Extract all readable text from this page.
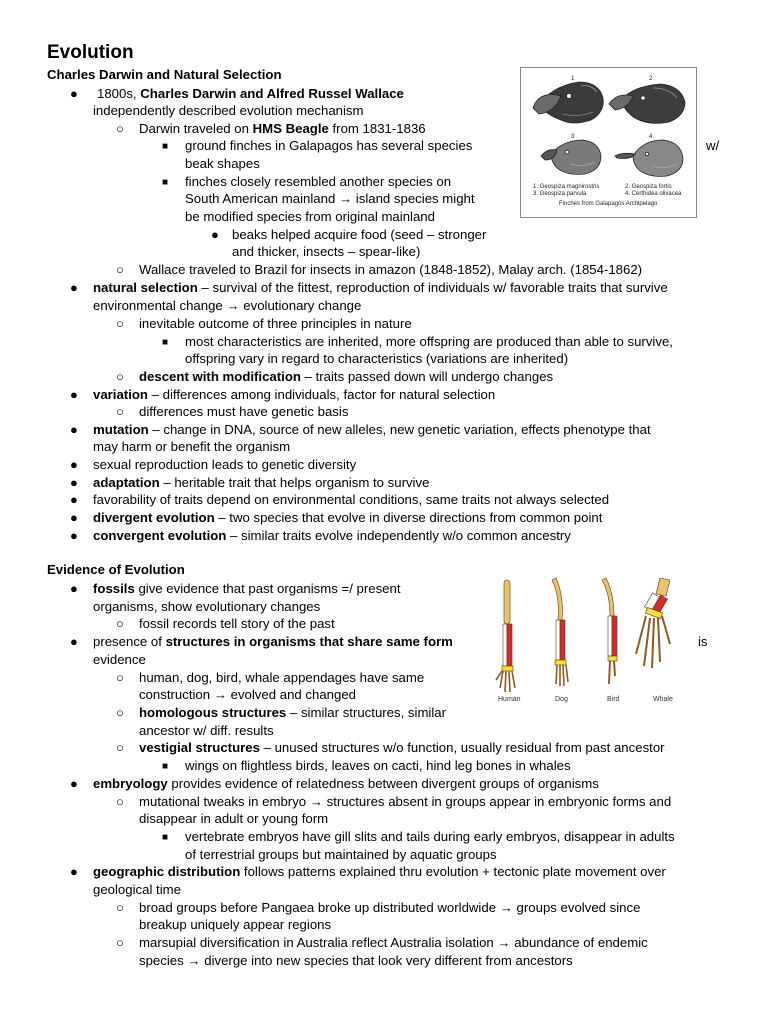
Evolution
Charles Darwin and Natural Selection
● 1800s, Charles Darwin and Alfred Russel Wallace
independently described evolution mechanism
○ Darwin traveled on HMS Beagle from 1831-1836
■ ground finches in Galapagos has several species	w/
beak shapes
■ finches closely resembled another species on
South American mainland → island species might
be modified species from original mainland
● beaks helped acquire food (seed – stronger
and thicker, insects – spear-like)
○ Wallace traveled to Brazil for insects in amazon (1848-1852), Malay arch. (1854-1862)
● natural selection – survival of the fittest, reproduction of individuals w/ favorable traits that survive
environmental change → evolutionary change
○ inevitable outcome of three principles in nature
■ most characteristics are inherited, more offspring are produced than able to survive,
offspring vary in regard to characteristics (variations are inherited)
○ descent with modification – traits passed down will undergo changes
● variation – differences among individuals, factor for natural selection
○ differences must have genetic basis
● mutation – change in DNA, source of new alleles, new genetic variation, effects phenotype that
may harm or benefit the organism
● sexual reproduction leads to genetic diversity
● adaptation – heritable trait that helps organism to survive
● favorability of traits depend on environmental conditions, same traits not always selected
● divergent evolution – two species that evolve in diverse directions from common point
● convergent evolution – similar traits evolve independently w/o common ancestry
1	2
3	4
1. Geospiza magnirostris	2. Geospiza fortis
3. Geospiza parvula	4. Certhidea olivacea
Finches from Galapagos Archipelago
Evidence of Evolution
● fossils give evidence that past organisms =/ present
organisms, show evolutionary changes
○ fossil records tell story of the past
● presence of structures in organisms that share same form	is
evidence
○ human, dog, bird, whale appendages have same
construction → evolved and changed
○ homologous structures – similar structures, similar
ancestor w/ diff. results
○ vestigial structures – unused structures w/o function, usually residual from past ancestor
■ wings on flightless birds, leaves on cacti, hind leg bones in whales
● embryology provides evidence of relatedness between divergent groups of organisms
○ mutational tweaks in embryo → structures absent in groups appear in embryonic forms and
disappear in adult or young form
■ vertebrate embryos have gill slits and tails during early embryos, disappear in adults
of terrestrial groups but maintained by aquatic groups
● geographic distribution follows patterns explained thru evolution + tectonic plate movement over
geological time
○ broad groups before Pangaea broke up distributed worldwide → groups evolved since
breakup uniquely appear regions
○ marsupial diversification in Australia reflect Australia isolation → abundance of endemic
species → diverge into new species that look very different from ancestors
Human	Dog	Bird	Whale
